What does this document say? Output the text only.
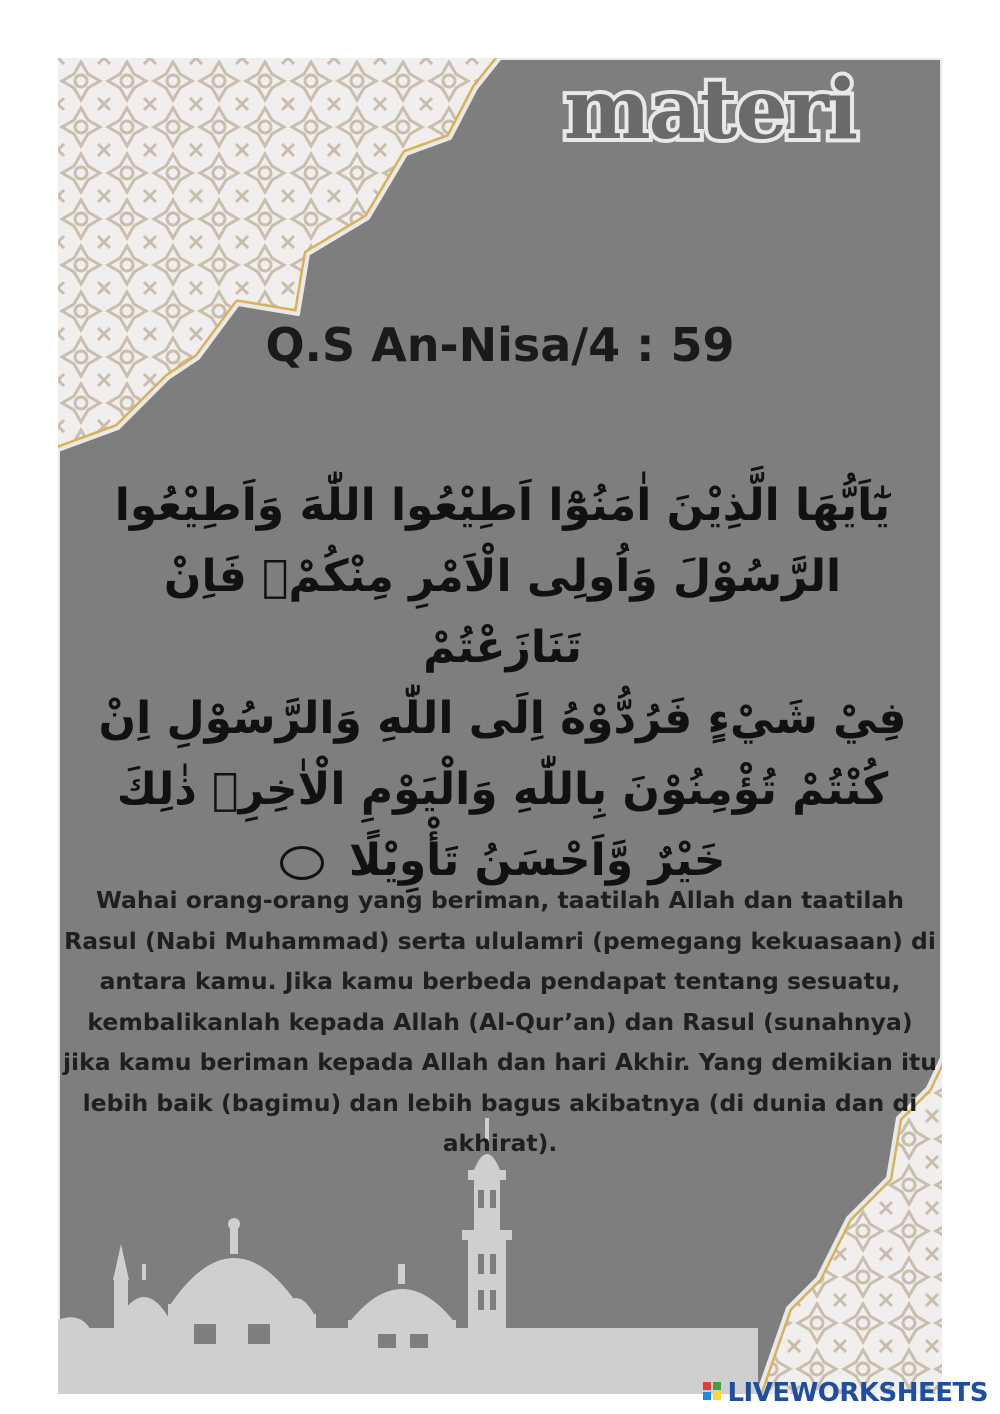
materi
Q.S An-Nisa/4 : 59
يٰٓاَيُّهَا الَّذِيْنَ اٰمَنُوْٓا اَطِيْعُوا اللّٰهَ وَاَطِيْعُوا
الرَّسُوْلَ وَاُولِى الْاَمْرِ مِنْكُمْۚ فَاِنْ تَنَازَعْتُمْ
فِيْ شَيْءٍ فَرُدُّوْهُ اِلَى اللّٰهِ وَالرَّسُوْلِ اِنْ
كُنْتُمْ تُؤْمِنُوْنَ بِاللّٰهِ وَالْيَوْمِ الْاٰخِرِۗ ذٰلِكَ
خَيْرٌ وَّاَحْسَنُ تَأْوِيْلًا
Wahai orang-orang yang beriman, taatilah Allah dan taatilah Rasul (Nabi Muhammad) serta ululamri (pemegang kekuasaan) di antara kamu. Jika kamu berbeda pendapat tentang sesuatu, kembalikanlah kepada Allah (Al-Qur’an) dan Rasul (sunahnya) jika kamu beriman kepada Allah dan hari Akhir. Yang demikian itu lebih baik (bagimu) dan lebih bagus akibatnya (di dunia dan di akhirat).
LIVEWORKSHEETS
